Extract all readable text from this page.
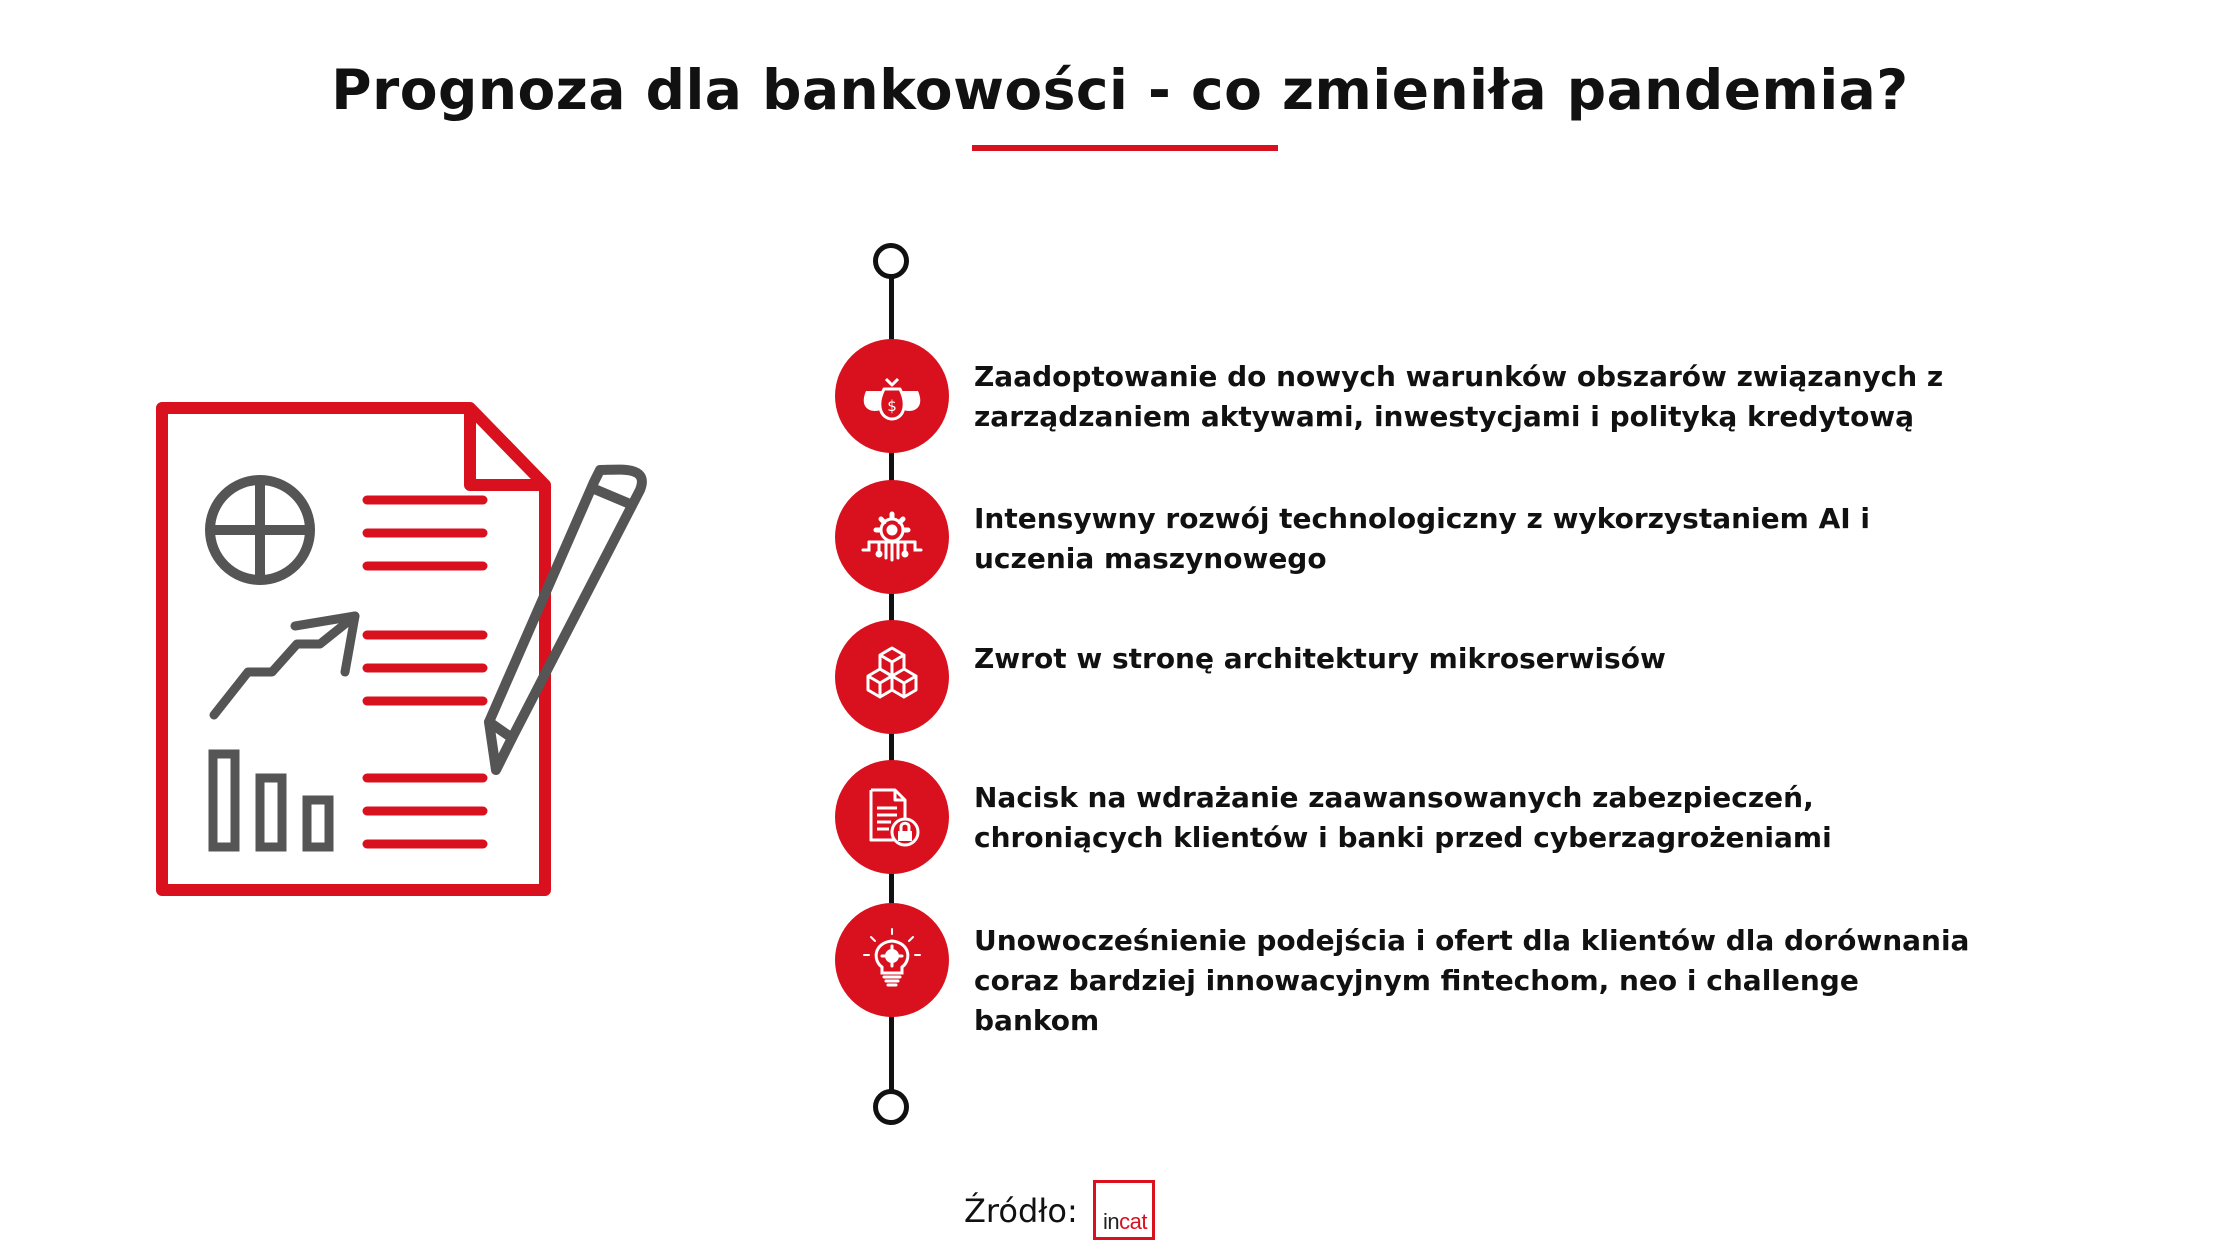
Prognoza dla bankowości - co zmieniła pandemia?
$
Zaadoptowanie do nowych warunków obszarów związanych z zarządzaniem aktywami, inwestycjami i polityką kredytową
Intensywny rozwój technologiczny z wykorzystaniem AI i uczenia maszynowego
Zwrot w stronę architektury mikroserwisów
Nacisk na wdrażanie zaawansowanych zabezpieczeń, chroniących klientów i banki przed cyberzagrożeniami
Unowocześnienie podejścia i ofert dla klientów dla dorównania coraz bardziej innowacyjnym fintechom, neo i challenge bankom
Źródło: incat
